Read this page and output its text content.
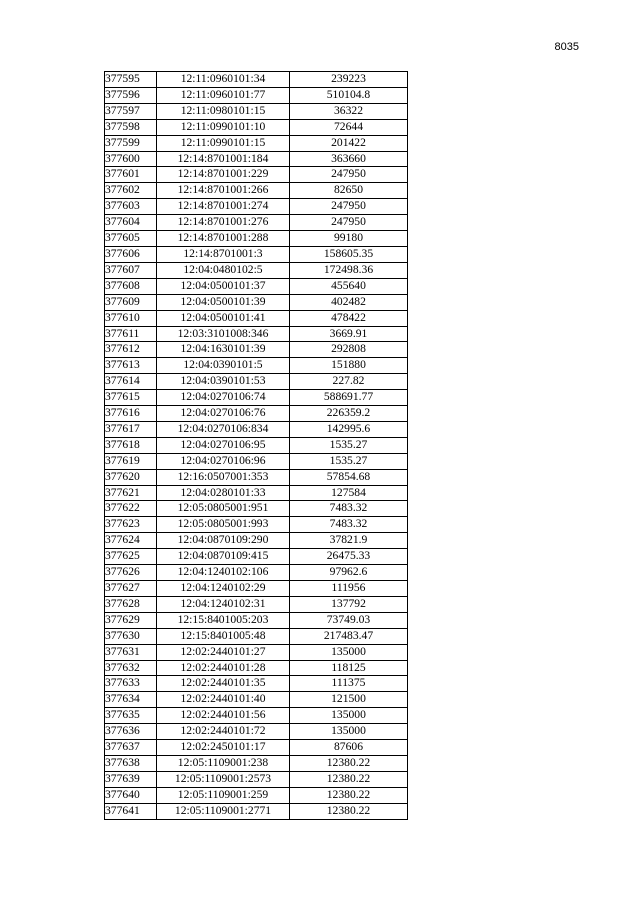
8035
377595	12:11:0960101:34	239223
377596	12:11:0960101:77	510104.8
377597	12:11:0980101:15	36322
377598	12:11:0990101:10	72644
377599	12:11:0990101:15	201422
377600	12:14:8701001:184	363660
377601	12:14:8701001:229	247950
377602	12:14:8701001:266	82650
377603	12:14:8701001:274	247950
377604	12:14:8701001:276	247950
377605	12:14:8701001:288	99180
377606	12:14:8701001:3	158605.35
377607	12:04:0480102:5	172498.36
377608	12:04:0500101:37	455640
377609	12:04:0500101:39	402482
377610	12:04:0500101:41	478422
377611	12:03:3101008:346	3669.91
377612	12:04:1630101:39	292808
377613	12:04:0390101:5	151880
377614	12:04:0390101:53	227.82
377615	12:04:0270106:74	588691.77
377616	12:04:0270106:76	226359.2
377617	12:04:0270106:834	142995.6
377618	12:04:0270106:95	1535.27
377619	12:04:0270106:96	1535.27
377620	12:16:0507001:353	57854.68
377621	12:04:0280101:33	127584
377622	12:05:0805001:951	7483.32
377623	12:05:0805001:993	7483.32
377624	12:04:0870109:290	37821.9
377625	12:04:0870109:415	26475.33
377626	12:04:1240102:106	97962.6
377627	12:04:1240102:29	111956
377628	12:04:1240102:31	137792
377629	12:15:8401005:203	73749.03
377630	12:15:8401005:48	217483.47
377631	12:02:2440101:27	135000
377632	12:02:2440101:28	118125
377633	12:02:2440101:35	111375
377634	12:02:2440101:40	121500
377635	12:02:2440101:56	135000
377636	12:02:2440101:72	135000
377637	12:02:2450101:17	87606
377638	12:05:1109001:238	12380.22
377639	12:05:1109001:2573	12380.22
377640	12:05:1109001:259	12380.22
377641	12:05:1109001:2771	12380.22
